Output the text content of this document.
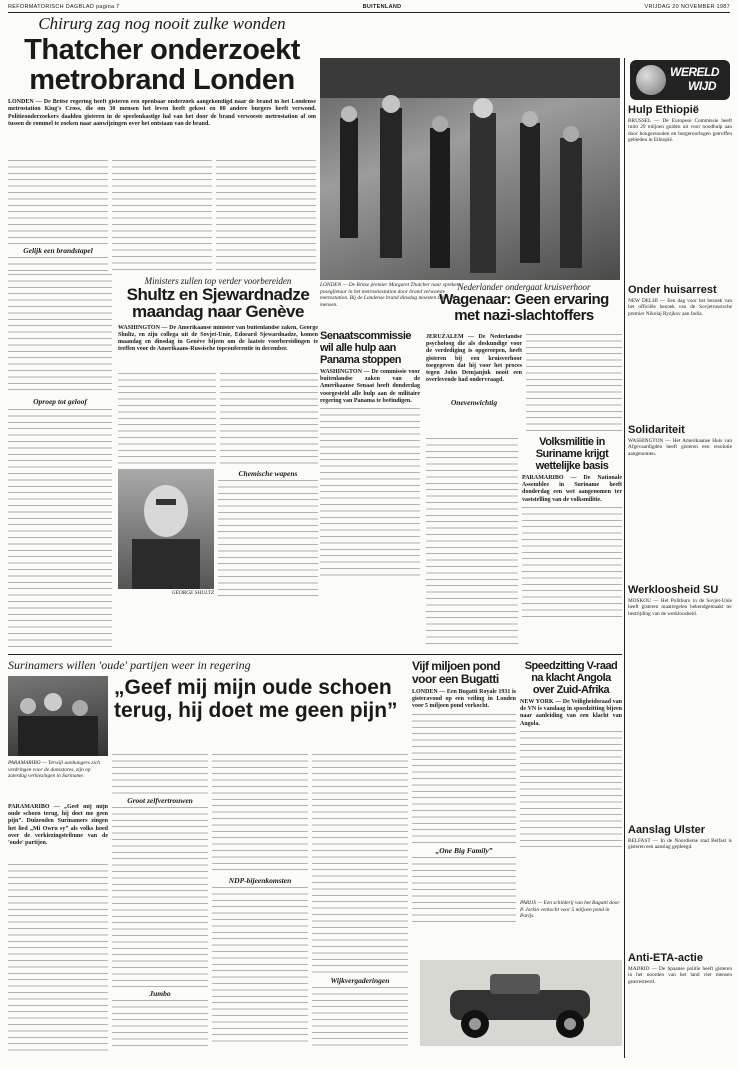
REFORMATORISCH DAGBLAD pagina 7	BUITENLAND	VRIJDAG 20 NOVEMBER 1987
Chirurg zag nog nooit zulke wonden
Thatcher onderzoekt
metrobrand Londen
LONDEN — De Britse regering heeft gisteren een openbaar onderzoek aangekondigd naar de brand in het Londense metrostation King's Cross, die om 30 mensen het leven heeft gekost en 80 andere burgers heeft verwond. Politieonderzoekers daalden gisteren in de speelonkastige hal van het door de brand verwoeste metrostation af om tussen de rommel te zoeken naar aanwijzingen over het ontstaan van de brand.
Gelijk een brandstapel
Oproep tot geloof
LONDEN — De Britse premier Margaret Thatcher naar spreken poseglietaar in het metrostiestation door brand verwoeste metrostation. Bij de Londense brand dinsdag moesten zeker 30 mensen.
WERELD
WIJD
Hulp Ethiopië
BRUSSEL — De Europese Commissie heeft ruim 29 miljoen gulden uit voor noodhulp aan door hongersnoden en burgeroorlogen getroffen gebieden in Ethiopië.
Onder huisarrest
NEW DELHI — Een dag voor het bezoek van het officiële bezoek van de Sovjetrussische premier Nikolaj Ryzjkov aan India.
Solidariteit
WASHINGTON — Het Amerikaanse Huis van Afgevaardigden heeft gisteren een resolutie aangenomen.
Werkloosheid SU
MOSKOU — Het Politburo in de Sovjet-Unie heeft gisteren maatregelen bekendgemaakt ter bestrijding van de werkloosheid.
Aanslag Ulster
BELFAST — In de Noordierse stad Belfast is gisteren een aanslag gepleegd.
Anti-ETA-actie
MADRID — De Spaanse politie heeft gisteren in het noorden van het land vier mensen gearresteerd.
Ministers zullen top verder voorbereiden
Shultz en Sjewardnadze
maandag naar Genève
WASHINGTON — De Amerikaanse minister van buitenlandse zaken, George Shultz, en zijn collega uit de Sovjet-Unie, Edoeard Sjewardnadze, komen maandag en dinsdag in Genève bijeen om de laatste voorbereidingen te treffen voor de Amerikaans-Russische topconferentie in december.
GEORGE SHULTZ
Chemische wapens
Senaatscommissie wil alle hulp aan Panama stoppen
WASHINGTON — De commissie voor buitenlandse zaken van de Amerikaanse Senaat heeft donderdag voorgesteld alle hulp aan de militaire regering van Panama te beëindigen.
Nederlander ondergaat kruisverhoor
Wagenaar: Geen ervaring met nazi-slachtoffers
JERUZALEM — De Nederlandse psycholoog die als deskundige voor de verdediging is opgeroepen, heeft gisteren bij een kruisverhoor toegegeven dat hij voor het proces tegen John Demjanjuk nooit een overlevende had ondervraagd.
Onevenwichtig
Volksmilitie in Suriname krijgt wettelijke basis
PARAMARIBO — De Nationale Assemblee in Suriname heeft donderdag een wet aangenomen ter vaststelling van de volksmilitie.
Surinamers willen 'oude' partijen weer in regering
„Geef mij mijn oude schoen terug, hij doet me geen pijn”
PARAMARIBO — Terwijl aanhangers zich verdringen voor de dansstores, zijn op zaterdag verkiezingen in Suriname.
PARAMARIBO — „Geef mij mijn oude schoen terug, hij doet me geen pijn”. Duizenden Surinamers zingen het lied „Mi Owru sy” als volks hoed over de verkiezingstribune van de 'oude' partijen.
Groot zelfvertrouwen
Jumbo
NDP-bijeenkomsten
Wijkvergaderingen
Vijf miljoen pond voor een Bugatti
LONDEN — Een Bugatti Royale 1931 is gisteravond op een veiling in Londen voor 5 miljoen pond verkocht.
„One Big Family”
Speedzitting V-raad na klacht Angola over Zuid-Afrika
NEW YORK — De Veiligheidsraad van de VN is vandaag in spoedzitting bijeen naar aanleiding van een klacht van Angola.
PARIJS — Een schilderij van het Bugatti door P. Jorkin verkocht voor 5 miljoen pond in Parijs.
